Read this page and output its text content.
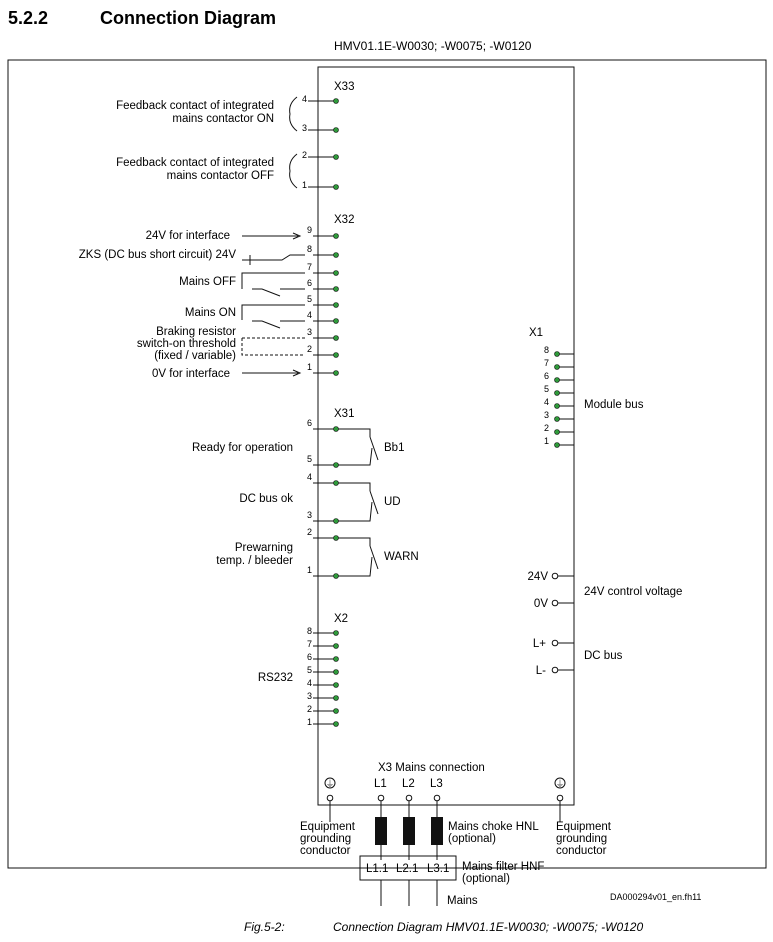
5.2.2	Connection Diagram
HMV01.1E-W0030; -W0075; -W0120
X33
4
3
2
1
Feedback contact of integrated
mains contactor ON
Feedback contact of integrated
mains contactor OFF
X32
9
8
7
6
5
4
3
2
1
24V for interface
ZKS (DC bus short circuit) 24V
Mains OFF
Mains ON
Braking resistor
switch-on threshold
(fixed / variable)
0V for interface
X31
6
5
4
3
2
1
Bb1
UD
WARN
Ready for operation
DC bus ok
Prewarning
temp. / bleeder
X2
8
7
6
5
4
3
2
1
RS232
X1
8
7
6
5
4
3
2
1
Module bus
24V
0V
24V control voltage
L+
L-
DC bus
X3 Mains connection
L1 L2 L3
⏚	⏚
L1.1 L2.1 L3.1
Equipment
grounding
conductor
Equipment
grounding
conductor
Mains choke HNL
(optional)
Mains filter HNF
(optional)
Mains	DA000294v01_en.fh11
Fig.5-2:	Connection Diagram HMV01.1E-W0030; -W0075; -W0120
